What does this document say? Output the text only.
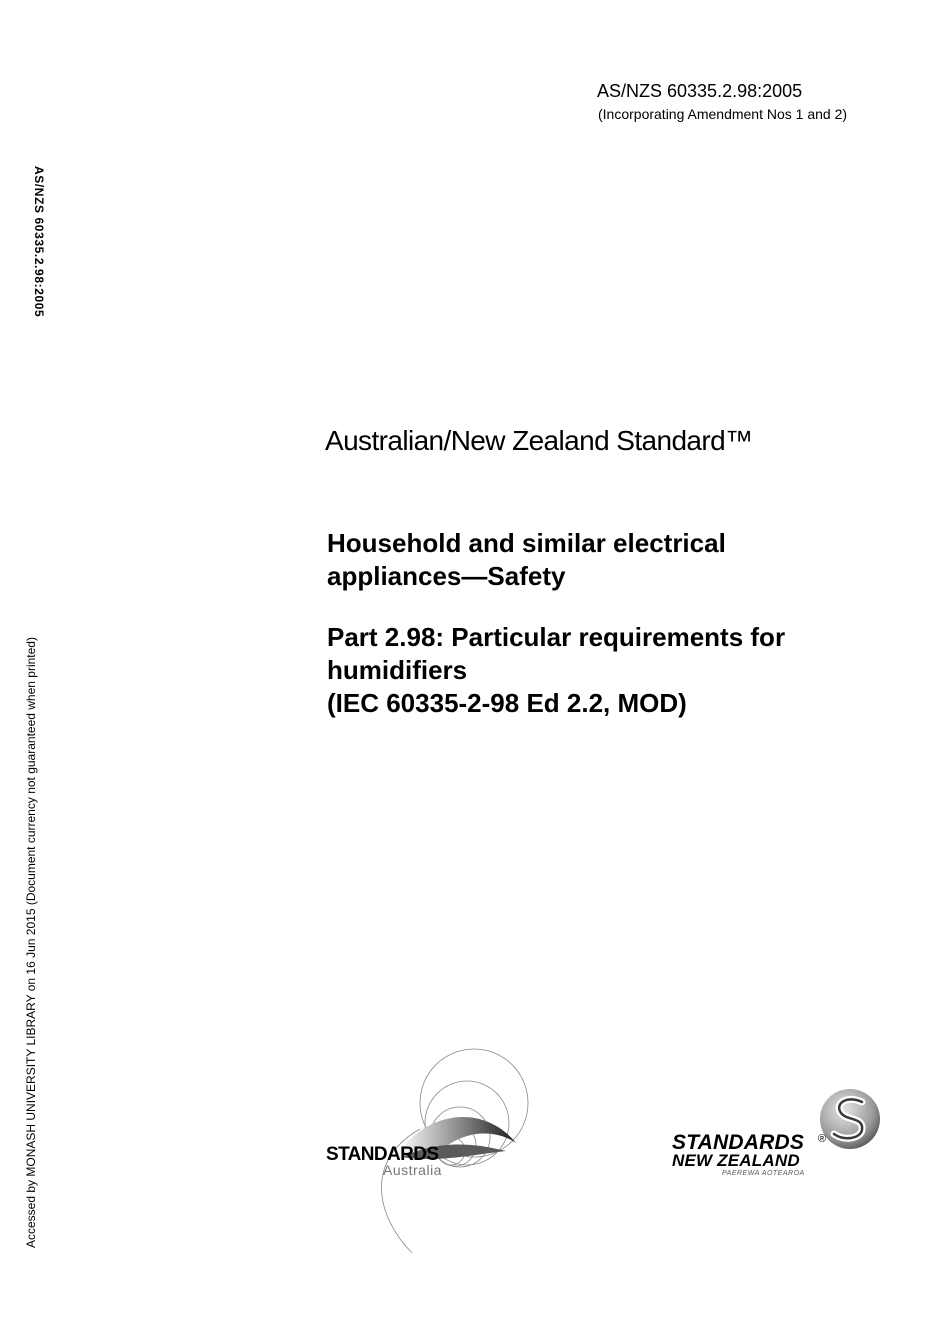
AS/NZS 60335.2.98:2005
(Incorporating Amendment Nos 1 and 2)
AS/NZS 60335.2.98:2005
Accessed by MONASH UNIVERSITY LIBRARY on 16 Jun 2015 (Document currency not guaranteed when printed)
Australian/New Zealand Standard™
Household and similar electrical
appliances—Safety
Part 2.98: Particular requirements for humidifiers
(IEC 60335-2-98 Ed 2.2, MOD)
STANDARDS
Australia
STANDARDS ®
NEW ZEALAND
PAEREWA AOTEAROA
